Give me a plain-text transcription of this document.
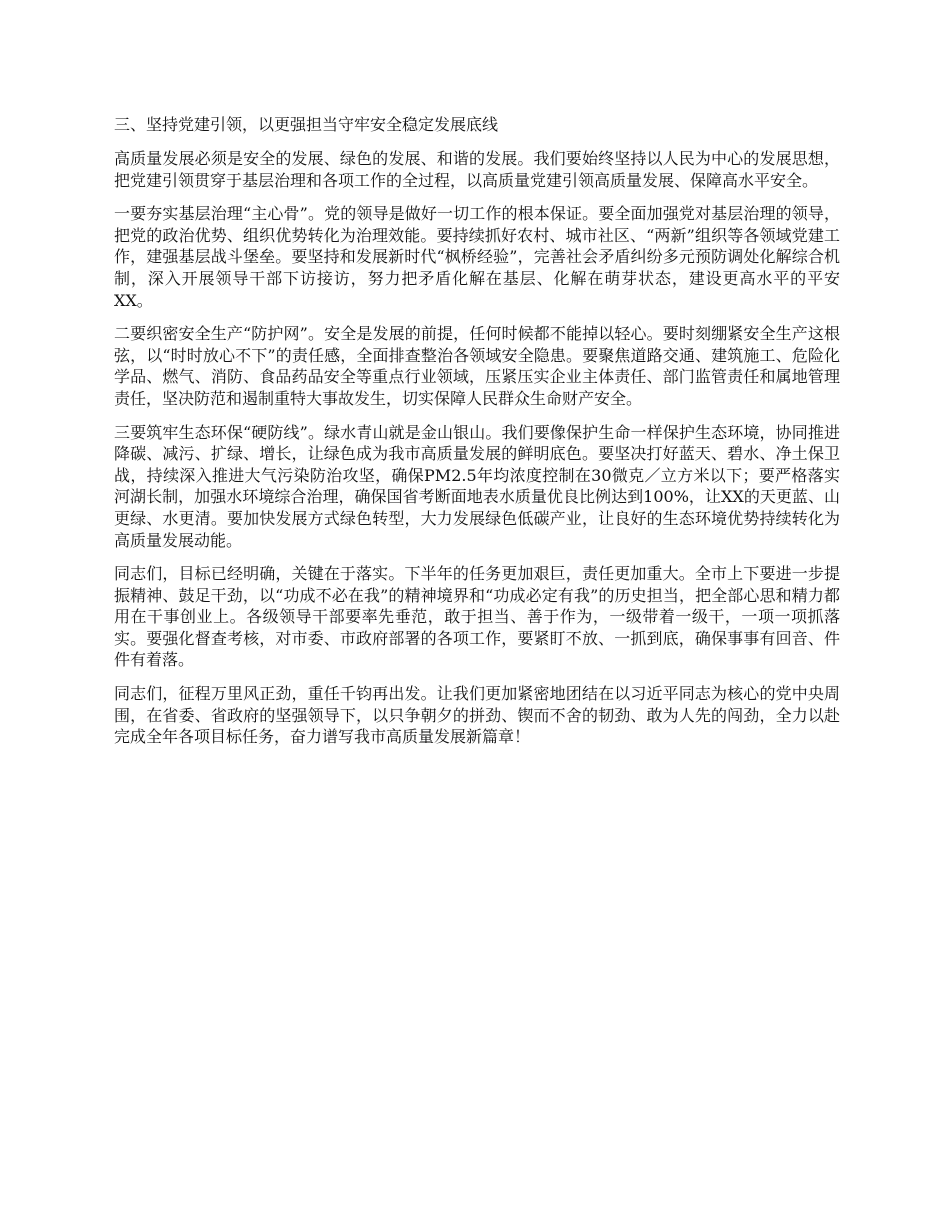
三、坚持党建引领，以更强担当守牢安全稳定发展底线

高质量发展必须是安全的发展、绿色的发展、和谐的发展。我们要始终坚持以人民为中心的发展思想，把党建引领贯穿于基层治理和各项工作的全过程，以高质量党建引领高质量发展、保障高水平安全。

一要夯实基层治理“主心骨”。党的领导是做好一切工作的根本保证。要全面加强党对基层治理的领导，把党的政治优势、组织优势转化为治理效能。要持续抓好农村、城市社区、“两新”组织等各领域党建工作，建强基层战斗堡垒。要坚持和发展新时代“枫桥经验”，完善社会矛盾纠纷多元预防调处化解综合机制，深入开展领导干部下访接访，努力把矛盾化解在基层、化解在萌芽状态，建设更高水平的平安XX。

二要织密安全生产“防护网”。安全是发展的前提，任何时候都不能掉以轻心。要时刻绷紧安全生产这根弦，以“时时放心不下”的责任感，全面排查整治各领域安全隐患。要聚焦道路交通、建筑施工、危险化学品、燃气、消防、食品药品安全等重点行业领域，压紧压实企业主体责任、部门监管责任和属地管理责任，坚决防范和遏制重特大事故发生，切实保障人民群众生命财产安全。

三要筑牢生态环保“硬防线”。绿水青山就是金山银山。我们要像保护生命一样保护生态环境，协同推进降碳、减污、扩绿、增长，让绿色成为我市高质量发展的鲜明底色。要坚决打好蓝天、碧水、净土保卫战，持续深入推进大气污染防治攻坚，确保PM2.5年均浓度控制在30微克／立方米以下；要严格落实河湖长制，加强水环境综合治理，确保国省考断面地表水质量优良比例达到100%，让XX的天更蓝、山更绿、水更清。要加快发展方式绿色转型，大力发展绿色低碳产业，让良好的生态环境优势持续转化为高质量发展动能。

同志们，目标已经明确，关键在于落实。下半年的任务更加艰巨，责任更加重大。全市上下要进一步提振精神、鼓足干劲，以“功成不必在我”的精神境界和“功成必定有我”的历史担当，把全部心思和精力都用在干事创业上。各级领导干部要率先垂范，敢于担当、善于作为，一级带着一级干，一项一项抓落实。要强化督查考核，对市委、市政府部署的各项工作，要紧盯不放、一抓到底，确保事事有回音、件件有着落。

同志们，征程万里风正劲，重任千钧再出发。让我们更加紧密地团结在以习近平同志为核心的党中央周围，在省委、省政府的坚强领导下，以只争朝夕的拼劲、锲而不舍的韧劲、敢为人先的闯劲，全力以赴完成全年各项目标任务，奋力谱写我市高质量发展新篇章！
